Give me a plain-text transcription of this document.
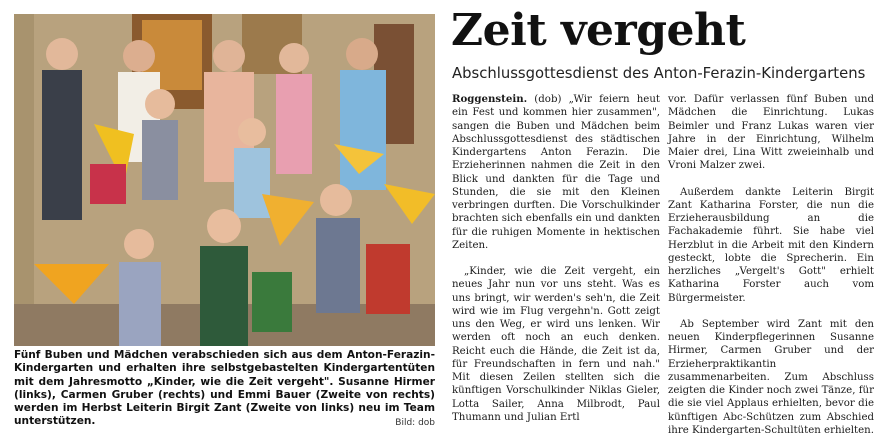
Fünf Buben und Mädchen verabschieden sich aus dem Anton-Ferazin-Kindergarten und erhalten ihre selbstgebastelten Kindergartentüten mit dem Jahresmotto „Kinder, wie die Zeit vergeht". Susanne Hirmer (links), Carmen Gruber (rechts) und Emmi Bauer (Zweite von rechts) werden im Herbst Leiterin Birgit Zant (Zweite von links) neu im Team unterstützen.	Bild: dob
Zeit vergeht
Abschlussgottesdienst des Anton-Ferazin-Kindergartens

Roggenstein. (dob) „Wir feiern heut ein Fest und kommen hier zusammen", sangen die Buben und Mädchen beim Abschlussgottesdienst des städtischen Kindergartens Anton Ferazin. Die Erzieherinnen nahmen die Zeit in den Blick und dankten für die Tage und Stunden, die sie mit den Kleinen verbringen durften. Die Vorschulkinder brachten sich ebenfalls ein und dankten für die ruhigen Momente in hektischen Zeiten.

„Kinder, wie die Zeit vergeht, ein neues Jahr nun vor uns steht. Was es uns bringt, wir werden's seh'n, die Zeit wird wie im Flug vergehn'n. Gott zeigt uns den Weg, er wird uns lenken. Wir werden oft noch an euch denken. Reicht euch die Hände, die Zeit ist da, für Freundschaften in fern und nah." Mit diesen Zeilen stellten sich die künftigen Vorschulkinder Niklas Gieler, Lotta Sailer, Anna Milbrodt, Paul Thumann und Julian Ertl

vor. Dafür verlassen fünf Buben und Mädchen die Einrichtung. Lukas Beimler und Franz Lukas waren vier Jahre in der Einrichtung, Wilhelm Maier drei, Lina Witt zweieinhalb und Vroni Malzer zwei.

Außerdem dankte Leiterin Birgit Zant Katharina Forster, die nun die Erzieherausbildung an die Fachakademie führt. Sie habe viel Herzblut in die Arbeit mit den Kindern gesteckt, lobte die Sprecherin. Ein herzliches „Vergelt's Gott" erhielt Katharina Forster auch vom Bürgermeister.

Ab September wird Zant mit den neuen Kinderpflegerinnen Susanne Hirmer, Carmen Gruber und der Erzieherpraktikantin zusammenarbeiten. Zum Abschluss zeigten die Kinder noch zwei Tänze, für die sie viel Applaus erhielten, bevor die künftigen Abc-Schützen zum Abschied ihre Kindergarten-Schultüten erhielten.
